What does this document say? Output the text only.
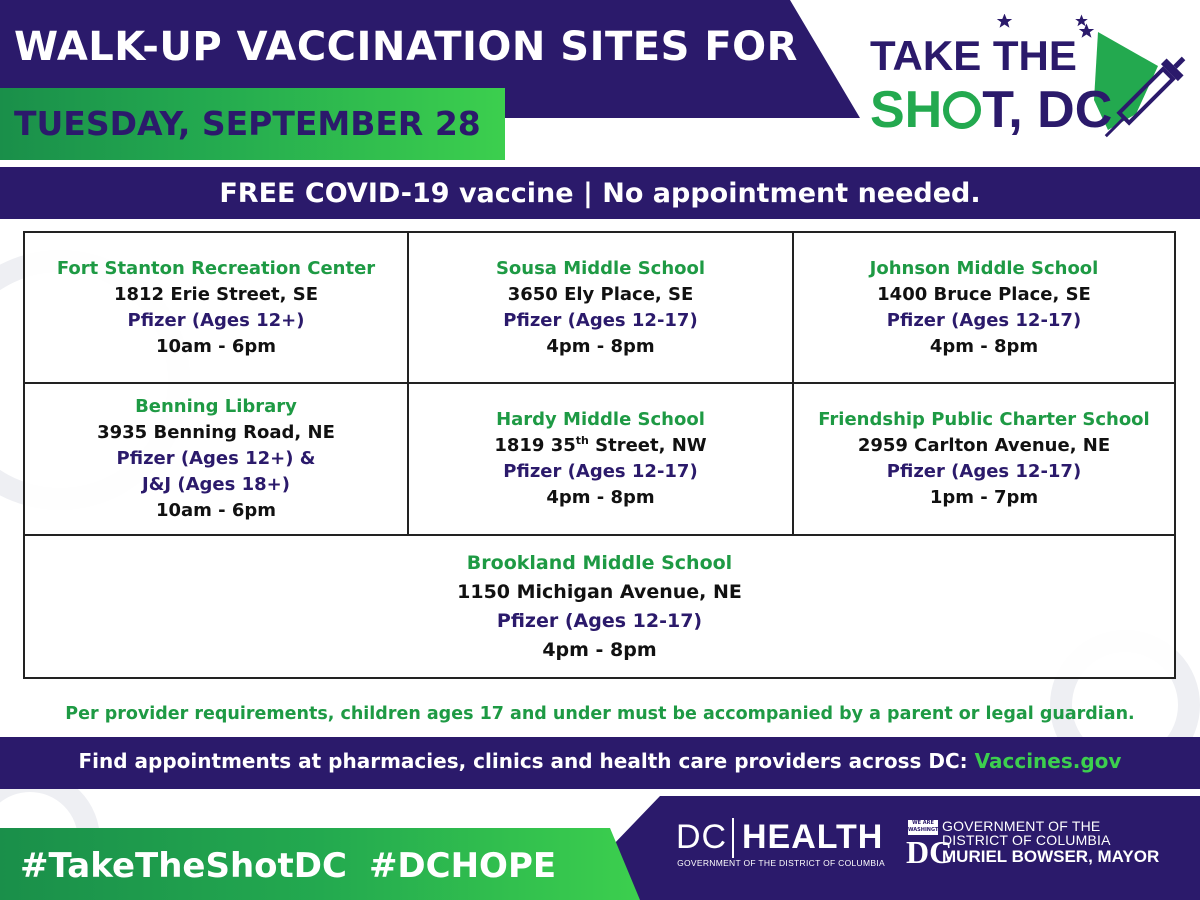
WALK-UP VACCINATION SITES FOR
TUESDAY, SEPTEMBER 28
TAKE THE
SH T, DC
FREE COVID-19 vaccine | No appointment needed.
Fort Stanton Recreation Center
1812 Erie Street, SE
Pfizer (Ages 12+)
10am - 6pm
Sousa Middle School
3650 Ely Place, SE
Pfizer (Ages 12-17)
4pm - 8pm
Johnson Middle School
1400 Bruce Place, SE
Pfizer (Ages 12-17)
4pm - 8pm
Benning Library
3935 Benning Road, NE
Pfizer (Ages 12+) &
J&J (Ages 18+)
10am - 6pm
Hardy Middle School
1819 35th Street, NW
Pfizer (Ages 12-17)
4pm - 8pm
Friendship Public Charter School
2959 Carlton Avenue, NE
Pfizer (Ages 12-17)
1pm - 7pm
Brookland Middle School
1150 Michigan Avenue, NE
Pfizer (Ages 12-17)
4pm - 8pm
Per provider requirements, children ages 17 and under must be accompanied by a parent or legal guardian.
Find appointments at pharmacies, clinics and health care providers across DC: Vaccines.gov
#TakeTheShotDC #DCHOPE
DC HEALTH
GOVERNMENT OF THE DISTRICT OF COLUMBIA
WE ARE WASHINGTON
DC
GOVERNMENT OF THE
DISTRICT OF COLUMBIA
MURIEL BOWSER, MAYOR
